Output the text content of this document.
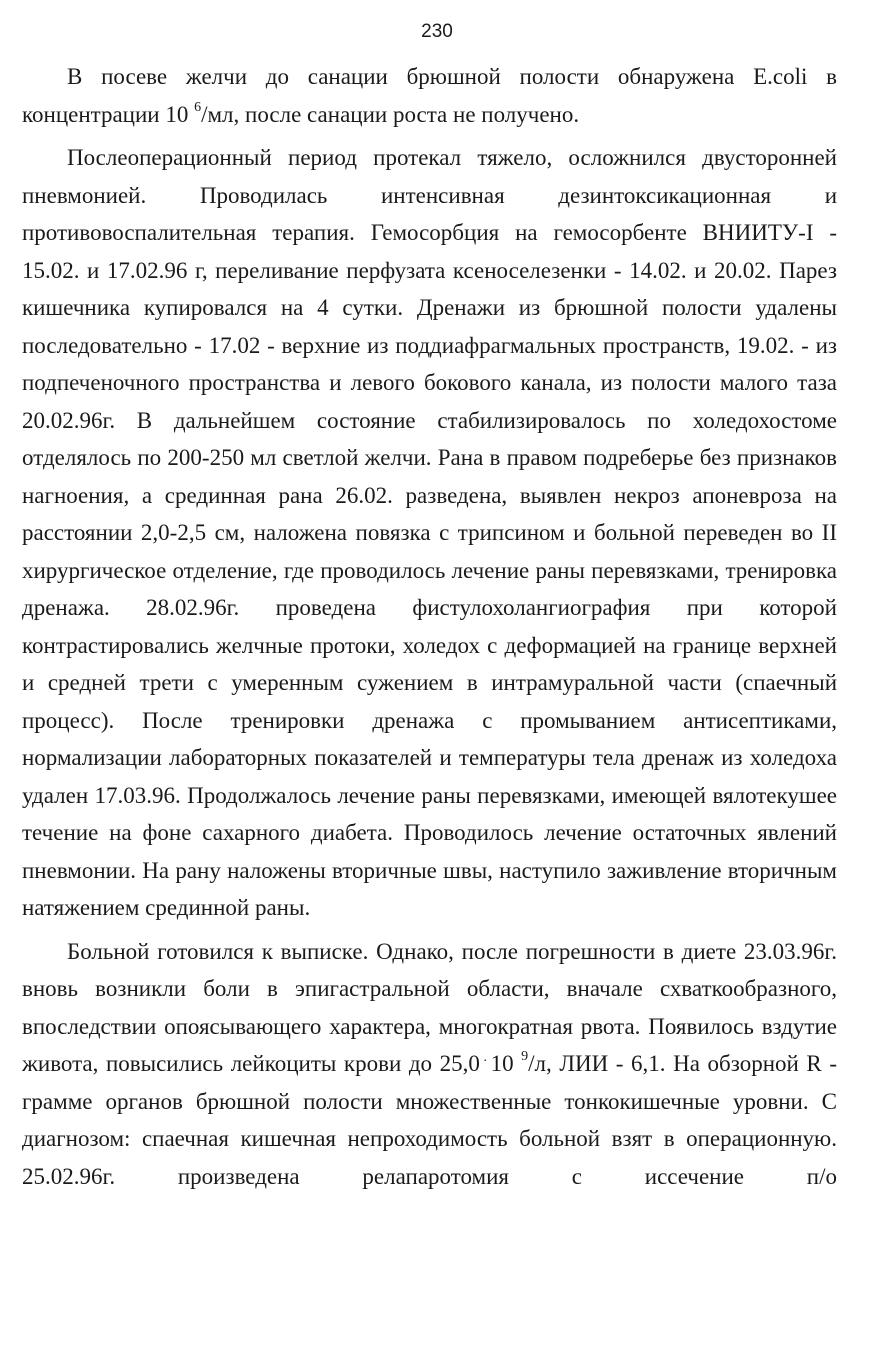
230

В посеве желчи до санации брюшной полости обнаружена E.coli в концентрации 10 $^6$/мл, после санации роста не получено.

Послеоперационный период протекал тяжело, осложнился двусторонней пневмонией. Проводилась интенсивная дезинтоксикационная и противовоспалительная терапия. Гемосорбция на гемосорбенте ВНИИТУ-I - 15.02. и 17.02.96 г, переливание перфузата ксеноселезенки - 14.02. и 20.02. Парез кишечника купировался на 4 сутки. Дренажи из брюшной полости удалены последовательно - 17.02 - верхние из поддиафрагмальных пространств, 19.02. - из подпеченочного пространства и левого бокового канала, из полости малого таза 20.02.96г. В дальнейшем состояние стабилизировалось по холедохостоме отделялось по 200-250 мл светлой желчи. Рана в правом подреберье без признаков нагноения, а срединная рана 26.02. разведена, выявлен некроз апоневроза на расстоянии 2,0-2,5 см, наложена повязка с трипсином и больной переведен во II хирургическое отделение, где проводилось лечение раны перевязками, тренировка дренажа. 28.02.96г. проведена фистулохолангиография при которой контрастировались желчные протоки, холедох с деформацией на границе верхней и средней трети с умеренным сужением в интрамуральной части (спаечный процесс). После тренировки дренажа с промыванием антисептиками, нормализации лабораторных показателей и температуры тела дренаж из холедоха удален 17.03.96. Продолжалось лечение раны перевязками, имеющей вялотекушее течение на фоне сахарного диабета. Проводилось лечение остаточных явлений пневмонии. На рану наложены вторичные швы, наступило заживление вторичным натяжением срединной раны.

Больной готовился к выписке. Однако, после погрешности в диете 23.03.96г. вновь возникли боли в эпигастральной области, вначале схваткообразного, впоследствии опоясывающего характера, многократная рвота. Появилось вздутие живота, повысились лейкоциты крови до 25,0 · 10 $^9$/л, ЛИИ - 6,1. На обзорной R - грамме органов брюшной полости множественные тонкокишечные уровни. С диагнозом: спаечная кишечная непроходимость больной взят в операционную. 25.02.96г. произведена релапаротомия с иссечение п/о
